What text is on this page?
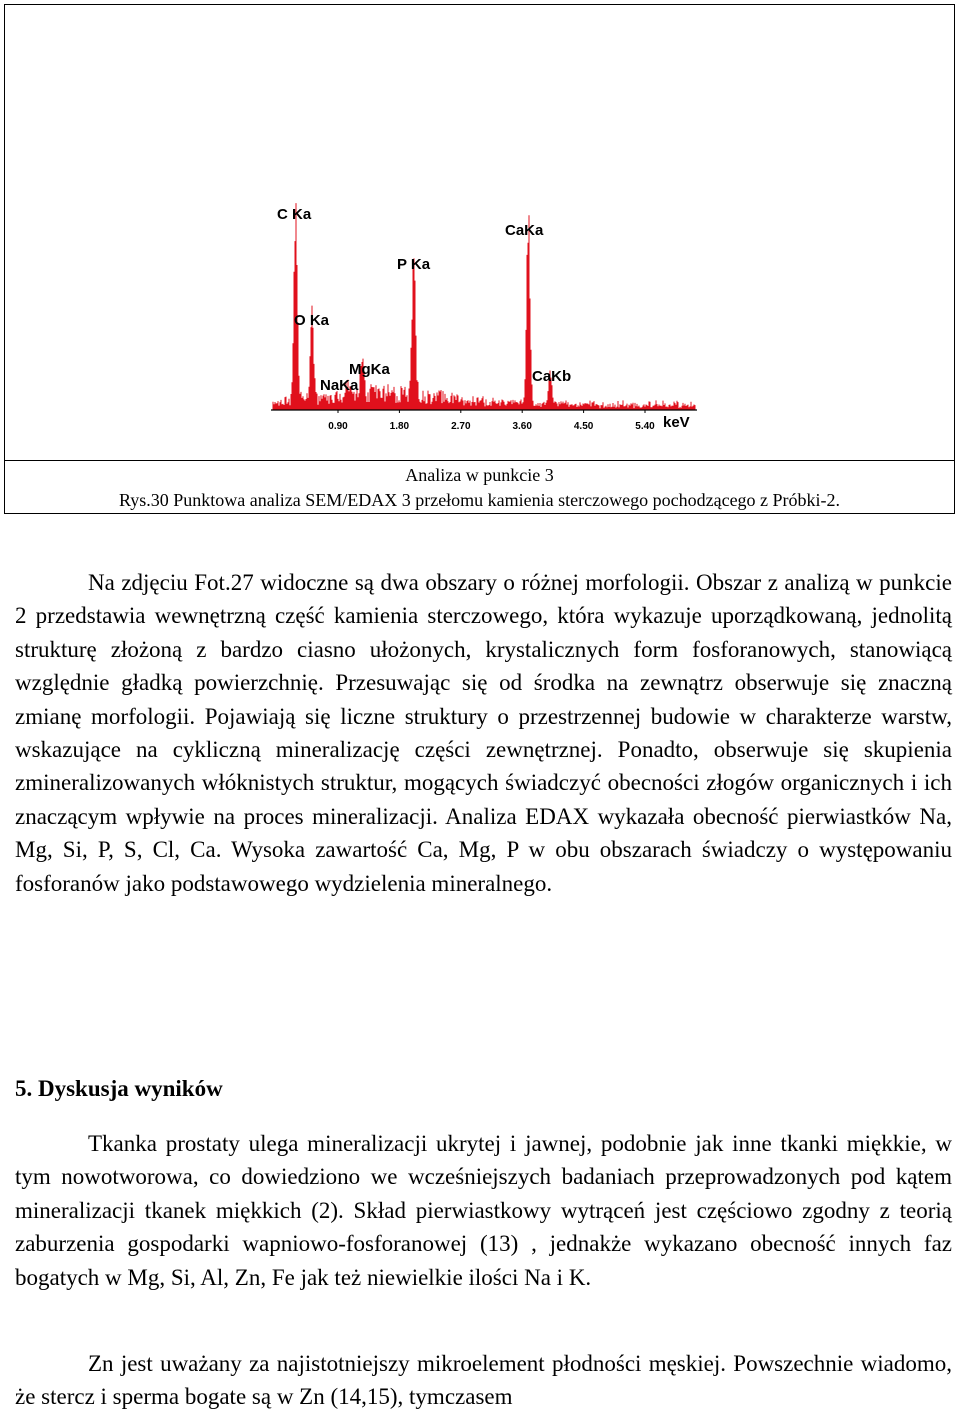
C Ka
O Ka
NaKa
MgKa
P Ka
CaKa
CaKb
0.90	1.80	2.70	3.60	4.50	5.40 keV
Analiza w punkcie 3
Rys.30 Punktowa analiza SEM/EDAX 3 przełomu kamienia sterczowego pochodzącego z Próbki-2.

Na zdjęciu Fot.27 widoczne są dwa obszary o różnej morfologii. Obszar z analizą w punkcie 2 przedstawia wewnętrzną część kamienia sterczowego, która wykazuje uporządkowaną, jednolitą strukturę złożoną z bardzo ciasno ułożonych, krystalicznych form fosforanowych, stanowiącą względnie gładką powierzchnię. Przesuwając się od środka na zewnątrz obserwuje się znaczną zmianę morfologii. Pojawiają się liczne struktury o przestrzennej budowie w charakterze warstw, wskazujące na cykliczną mineralizację części zewnętrznej. Ponadto, obserwuje się skupienia zmineralizowanych włóknistych struktur, mogących świadczyć obecności złogów organicznych i ich znaczącym wpływie na proces mineralizacji. Analiza EDAX wykazała obecność pierwiastków Na, Mg, Si, P, S, Cl, Ca. Wysoka zawartość Ca, Mg, P w obu obszarach świadczy o występowaniu fosforanów jako podstawowego wydzielenia mineralnego.

5. Dyskusja wyników

Tkanka prostaty ulega mineralizacji ukrytej i jawnej, podobnie jak inne tkanki miękkie, w tym nowotworowa, co dowiedziono we wcześniejszych badaniach przeprowadzonych pod kątem mineralizacji tkanek miękkich (2). Skład pierwiastkowy wytrąceń jest częściowo zgodny z teorią zaburzenia gospodarki wapniowo-fosforanowej (13) , jednakże wykazano obecność innych faz bogatych w Mg, Si, Al, Zn, Fe jak też niewielkie ilości Na i K.

Zn jest uważany za najistotniejszy mikroelement płodności męskiej. Powszechnie wiadomo, że stercz i sperma bogate są w Zn (14,15), tymczasem
